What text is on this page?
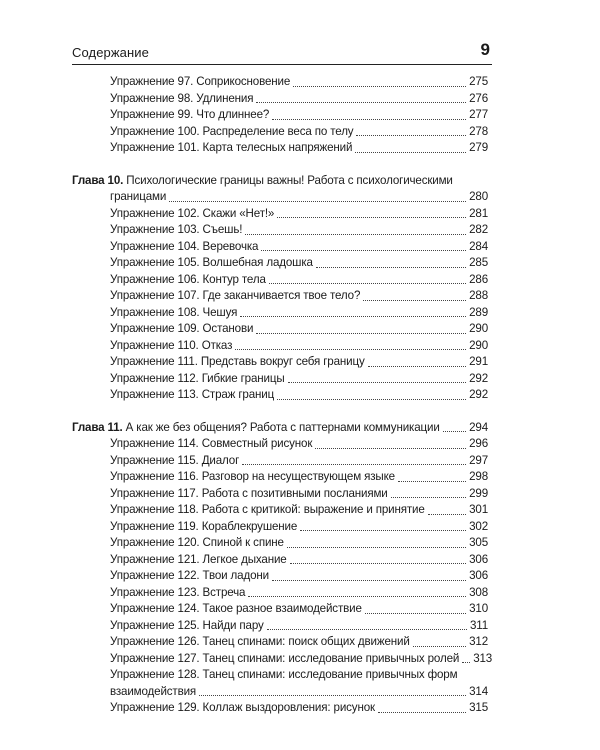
Содержание	9
Упражнение 97. Соприкосновение	275
Упражнение 98. Удлинения	276
Упражнение 99. Что длиннее?	277
Упражнение 100. Распределение веса по телу	278
Упражнение 101. Карта телесных напряжений	279
Глава 10. Психологические границы важны! Работа с психологическими
границами	280
Упражнение 102. Скажи «Нет!»	281
Упражнение 103. Съешь!	282
Упражнение 104. Веревочка	284
Упражнение 105. Волшебная ладошка	285
Упражнение 106. Контур тела	286
Упражнение 107. Где заканчивается твое тело?	288
Упражнение 108. Чешуя	289
Упражнение 109. Останови	290
Упражнение 110. Отказ	290
Упражнение 111. Представь вокруг себя границу	291
Упражнение 112. Гибкие границы	292
Упражнение 113. Страж границ	292
Глава 11. А как же без общения? Работа с паттернами коммуникации	294
Упражнение 114. Совместный рисунок	296
Упражнение 115. Диалог	297
Упражнение 116. Разговор на несуществующем языке	298
Упражнение 117. Работа с позитивными посланиями	299
Упражнение 118. Работа с критикой: выражение и принятие	301
Упражнение 119. Кораблекрушение	302
Упражнение 120. Спиной к спине	305
Упражнение 121. Легкое дыхание	306
Упражнение 122. Твои ладони	306
Упражнение 123. Встреча	308
Упражнение 124. Такое разное взаимодействие	310
Упражнение 125. Найди пару	311
Упражнение 126. Танец спинами: поиск общих движений	312
Упражнение 127. Танец спинами: исследование привычных ролей 313
Упражнение 128. Танец спинами: исследование привычных форм
взаимодействия	314
Упражнение 129. Коллаж выздоровления: рисунок	315
